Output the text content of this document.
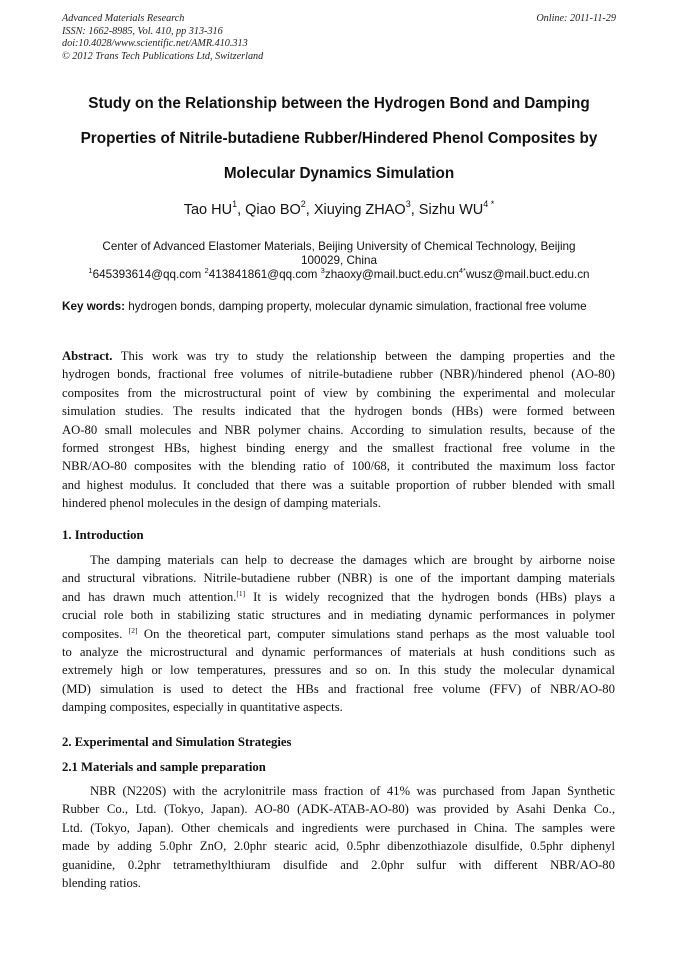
Advanced Materials Research
ISSN: 1662-8985, Vol. 410, pp 313-316
doi:10.4028/www.scientific.net/AMR.410.313
© 2012 Trans Tech Publications Ltd, Switzerland
Online: 2011-11-29
Study on the Relationship between the Hydrogen Bond and Damping
Properties of Nitrile-butadiene Rubber/Hindered Phenol Composites by
Molecular Dynamics Simulation
Tao $HU^1$, Qiao $BO^2$, Xiuying ZHAO$^3$, Sizhu $WU^{4 *}$
Center of Advanced Elastomer Materials, Beijing University of Chemical Technology, Beijing
100029, China
$^1$645393614@qq.com $^2$413841861@qq.com $^3zhaoxy@mail.buct.edu.cn^{4*}wusz@mail.buct.edu.cn$
Key words: hydrogen bonds, damping property, molecular dynamic simulation, fractional free volume
Abstract. This work was try to study the relationship between the damping properties and the
hydrogen bonds, fractional free volumes of nitrile-butadiene rubber (NBR)/hindered phenol (AO-80)
composites from the microstructural point of view by combining the experimental and molecular
simulation studies. The results indicated that the hydrogen bonds (HBs) were formed between
AO-80 small molecules and NBR polymer chains. According to simulation results, because of the
formed strongest HBs, highest binding energy and the smallest fractional free volume in the
NBR/AO-80 composites with the blending ratio of 100/68, it contributed the maximum loss factor
and highest modulus. It concluded that there was a suitable proportion of rubber blended with small
hindered phenol molecules in the design of damping materials.
1. Introduction
The damping materials can help to decrease the damages which are brought by airborne noise
and structural vibrations. Nitrile-butadiene rubber (NBR) is one of the important damping materials
and has drawn much attention.[1] It is widely recognized that the hydrogen bonds (HBs) plays a
crucial role both in stabilizing static structures and in mediating dynamic performances in polymer
composites. [2] On the theoretical part, computer simulations stand perhaps as the most valuable tool
to analyze the microstructural and dynamic performances of materials at hush conditions such as
extremely high or low temperatures, pressures and so on. In this study the molecular dynamical
(MD) simulation is used to detect the HBs and fractional free volume (FFV) of NBR/AO-80
damping composites, especially in quantitative aspects.
2. Experimental and Simulation Strategies
2.1 Materials and sample preparation
NBR (N220S) with the acrylonitrile mass fraction of 41% was purchased from Japan Synthetic
Rubber Co., Ltd. (Tokyo, Japan). AO-80 (ADK-ATAB-AO-80) was provided by Asahi Denka Co.,
Ltd. (Tokyo, Japan). Other chemicals and ingredients were purchased in China. The samples were
made by adding 5.0phr ZnO, 2.0phr stearic acid, 0.5phr dibenzothiazole disulfide, 0.5phr diphenyl
guanidine, 0.2phr tetramethylthiuram disulfide and 2.0phr sulfur with different NBR/AO-80
blending ratios.
